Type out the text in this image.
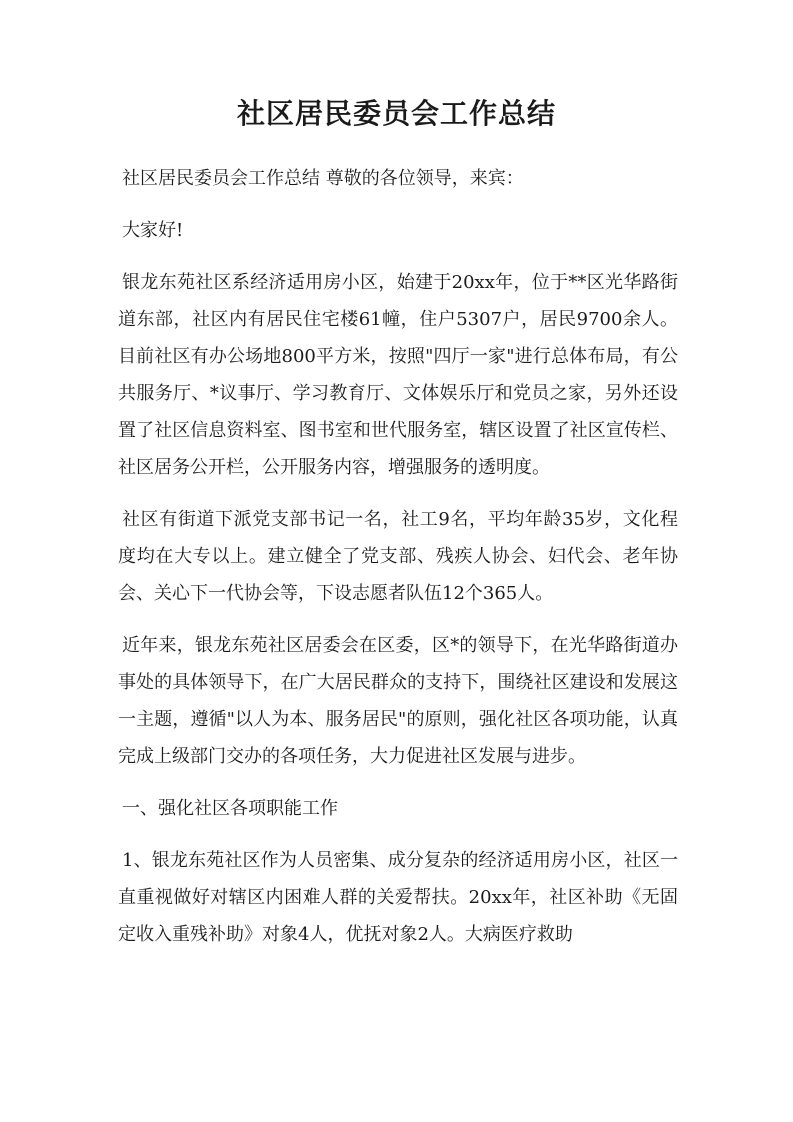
社区居民委员会工作总结

社区居民委员会工作总结 尊敬的各位领导，来宾：

大家好!

银龙东苑社区系经济适用房小区，始建于20xx年，位于**区光华路街道东部，社区内有居民住宅楼61幢，住户5307户，居民9700余人。目前社区有办公场地800平方米，按照"四厅一家"进行总体布局，有公共服务厅、*议事厅、学习教育厅、文体娱乐厅和党员之家，另外还设置了社区信息资料室、图书室和世代服务室，辖区设置了社区宣传栏、社区居务公开栏，公开服务内容，增强服务的透明度。

社区有街道下派党支部书记一名，社工9名，平均年龄35岁，文化程度均在大专以上。建立健全了党支部、残疾人协会、妇代会、老年协会、关心下一代协会等，下设志愿者队伍12个365人。

近年来，银龙东苑社区居委会在区委，区*的领导下，在光华路街道办事处的具体领导下，在广大居民群众的支持下，围绕社区建设和发展这一主题，遵循"以人为本、服务居民"的原则，强化社区各项功能，认真完成上级部门交办的各项任务，大力促进社区发展与进步。

一、强化社区各项职能工作

1、银龙东苑社区作为人员密集、成分复杂的经济适用房小区，社区一直重视做好对辖区内困难人群的关爱帮扶。20xx年，社区补助《无固定收入重残补助》对象4人，优抚对象2人。大病医疗救助
